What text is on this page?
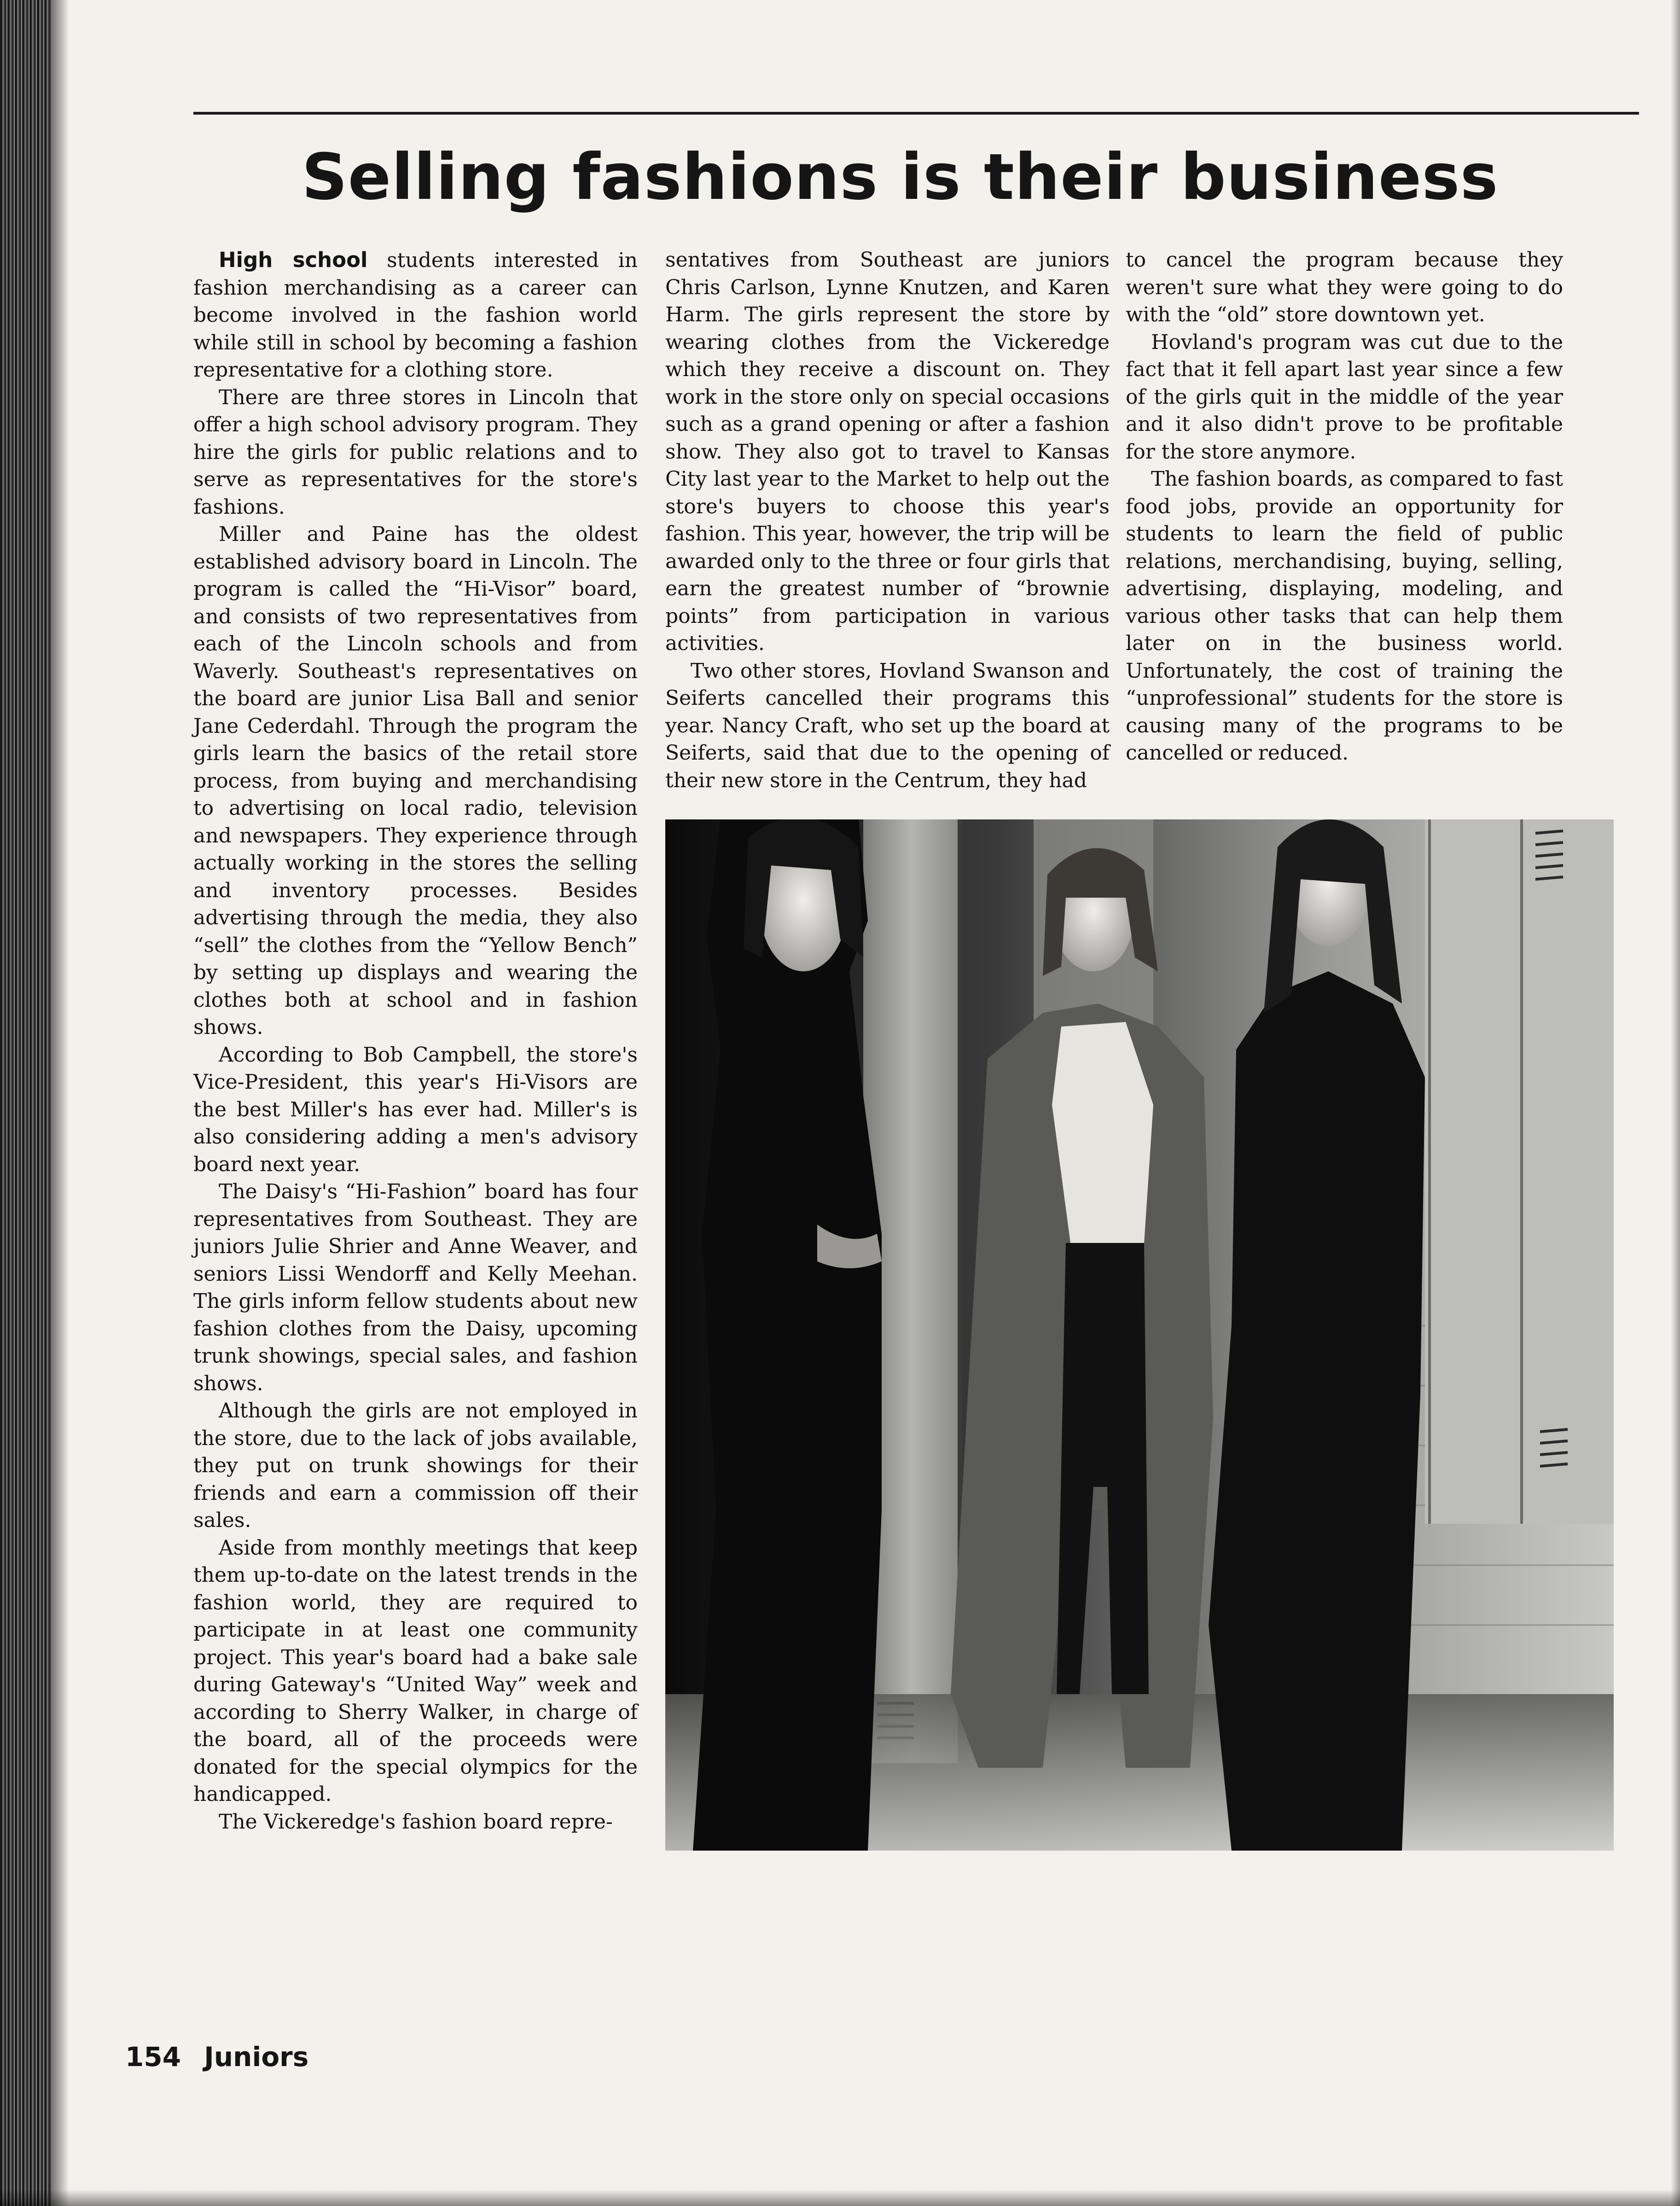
Selling fashions is their business

High school students interested in fashion merchandising as a career can become involved in the fashion world while still in school by becoming a fashion representative for a clothing store.

There are three stores in Lincoln that offer a high school advisory program. They hire the girls for public relations and to serve as representatives for the store's fashions.

Miller and Paine has the oldest established advisory board in Lincoln. The program is called the “Hi-Visor” board, and consists of two representatives from each of the Lincoln schools and from Waverly. Southeast's representatives on the board are junior Lisa Ball and senior Jane Cederdahl. Through the program the girls learn the basics of the retail store process, from buying and merchandising to advertising on local radio, television and newspapers. They experience through actually working in the stores the selling and inventory processes. Besides advertising through the media, they also “sell” the clothes from the “Yellow Bench” by setting up displays and wearing the clothes both at school and in fashion shows.

According to Bob Campbell, the store's Vice-President, this year's Hi-Visors are the best Miller's has ever had. Miller's is also considering adding a men's advisory board next year.

The Daisy's “Hi-Fashion” board has four representatives from Southeast. They are juniors Julie Shrier and Anne Weaver, and seniors Lissi Wendorff and Kelly Meehan. The girls inform fellow students about new fashion clothes from the Daisy, upcoming trunk showings, special sales, and fashion shows.

Although the girls are not employed in the store, due to the lack of jobs available, they put on trunk showings for their friends and earn a commission off their sales.

Aside from monthly meetings that keep them up-to-date on the latest trends in the fashion world, they are required to participate in at least one community project. This year's board had a bake sale during Gateway's “United Way” week and according to Sherry Walker, in charge of the board, all of the proceeds were donated for the special olympics for the handicapped.

The Vickeredge's fashion board repre-

sentatives from Southeast are juniors Chris Carlson, Lynne Knutzen, and Karen Harm. The girls represent the store by wearing clothes from the Vickeredge which they receive a discount on. They work in the store only on special occasions such as a grand opening or after a fashion show. They also got to travel to Kansas City last year to the Market to help out the store's buyers to choose this year's fashion. This year, however, the trip will be awarded only to the three or four girls that earn the greatest number of “brownie points” from participation in various activities.

Two other stores, Hovland Swanson and Seiferts cancelled their programs this year. Nancy Craft, who set up the board at Seiferts, said that due to the opening of their new store in the Centrum, they had

to cancel the program because they weren't sure what they were going to do with the “old” store downtown yet.

Hovland's program was cut due to the fact that it fell apart last year since a few of the girls quit in the middle of the year and it also didn't prove to be profitable for the store anymore.

The fashion boards, as compared to fast food jobs, provide an opportunity for students to learn the field of public relations, merchandising, buying, selling, advertising, displaying, modeling, and various other tasks that can help them later on in the business world. Unfortunately, the cost of training the “unprofessional” students for the store is causing many of the programs to be cancelled or reduced.

154 Juniors
